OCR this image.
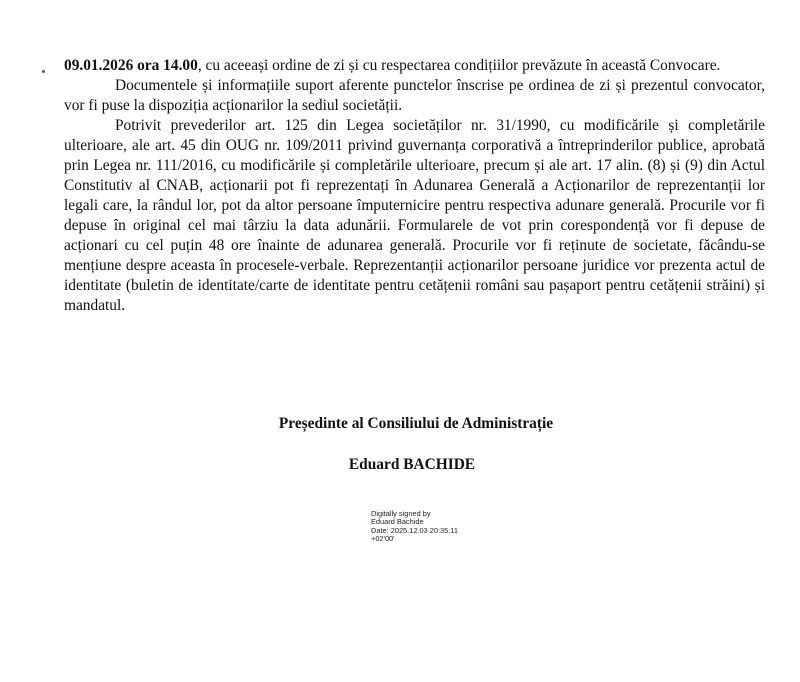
09.01.2026 ora 14.00, cu aceeași ordine de zi și cu respectarea condițiilor prevăzute în această Convocare.

Documentele și informațiile suport aferente punctelor înscrise pe ordinea de zi și prezentul convocator, vor fi puse la dispoziția acționarilor la sediul societății.

Potrivit prevederilor art. 125 din Legea societăților nr. 31/1990, cu modificările și completările ulterioare, ale art. 45 din OUG nr. 109/2011 privind guvernanța corporativă a întreprinderilor publice, aprobată prin Legea nr. 111/2016, cu modificările și completările ulterioare, precum și ale art. 17 alin. (8) și (9) din Actul Constitutiv al CNAB, acționarii pot fi reprezentați în Adunarea Generală a Acționarilor de reprezentanții lor legali care, la rândul lor, pot da altor persoane împuternicire pentru respectiva adunare generală. Procurile vor fi depuse în original cel mai târziu la data adunării. Formularele de vot prin corespondență vor fi depuse de acționari cu cel puțin 48 ore înainte de adunarea generală. Procurile vor fi reținute de societate, făcându-se mențiune despre aceasta în procesele-verbale. Reprezentanții acționarilor persoane juridice vor prezenta actul de identitate (buletin de identitate/carte de identitate pentru cetățenii români sau pașaport pentru cetățenii străini) și mandatul.

Președinte al Consiliului de Administrație
Eduard BACHIDE
Digitally signed by
Eduard Bachide
Date: 2025.12.03 20:35:11
+02'00'
